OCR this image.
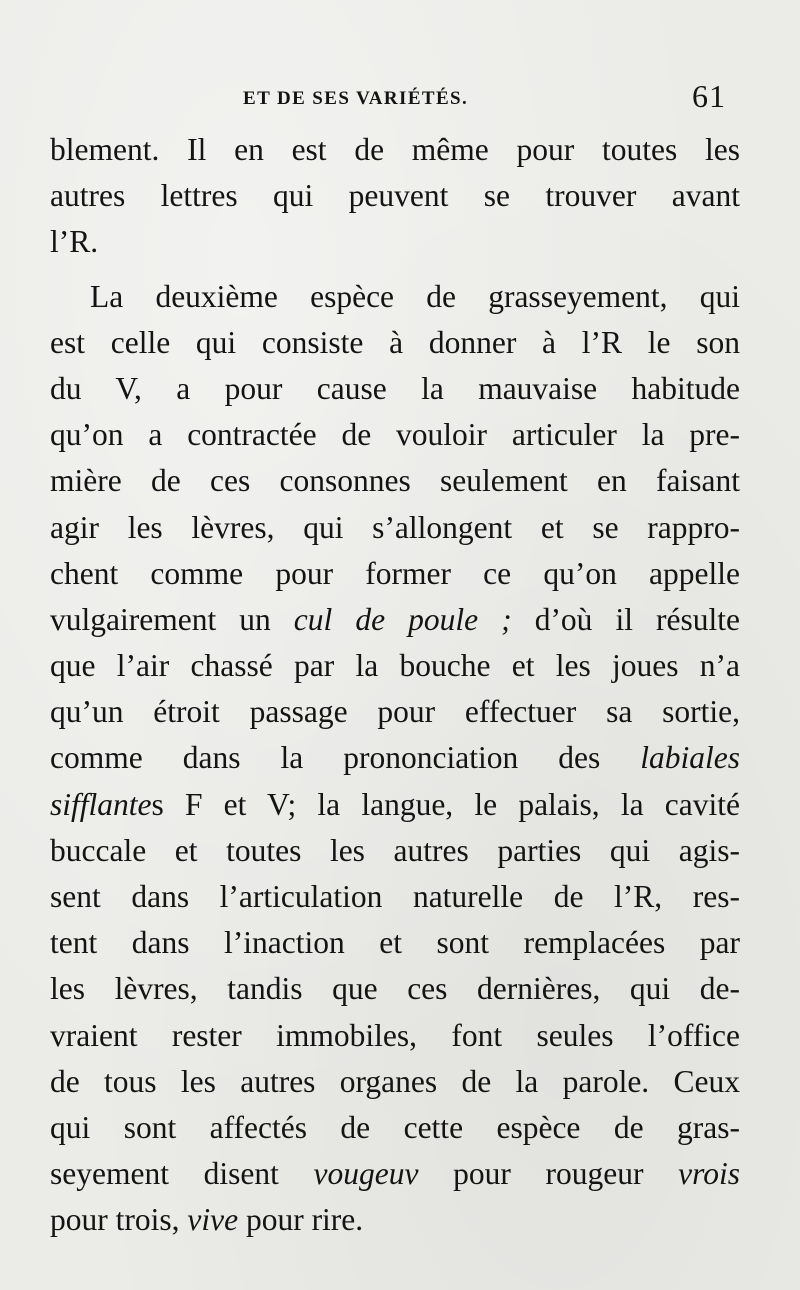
ET DE SES VARIÉTÉS.	61
blement. Il en est de même pour toutes les
autres lettres qui peuvent se trouver avant
l’R.
La deuxième espèce de grasseyement, qui
est celle qui consiste à donner à l’R le son
du V, a pour cause la mauvaise habitude
qu’on a contractée de vouloir articuler la pre-
mière de ces consonnes seulement en faisant
agir les lèvres, qui s’allongent et se rappro-
chent comme pour former ce qu’on appelle
vulgairement un cul de poule ; d’où il résulte
que l’air chassé par la bouche et les joues n’a
qu’un étroit passage pour effectuer sa sortie,
comme dans la prononciation des labiales
sifflantes F et V; la langue, le palais, la cavité
buccale et toutes les autres parties qui agis-
sent dans l’articulation naturelle de l’R, res-
tent dans l’inaction et sont remplacées par
les lèvres, tandis que ces dernières, qui de-
vraient rester immobiles, font seules l’office
de tous les autres organes de la parole. Ceux
qui sont affectés de cette espèce de gras-
seyement disent vougeuv pour rougeur vrois
pour trois, vive pour rire.
